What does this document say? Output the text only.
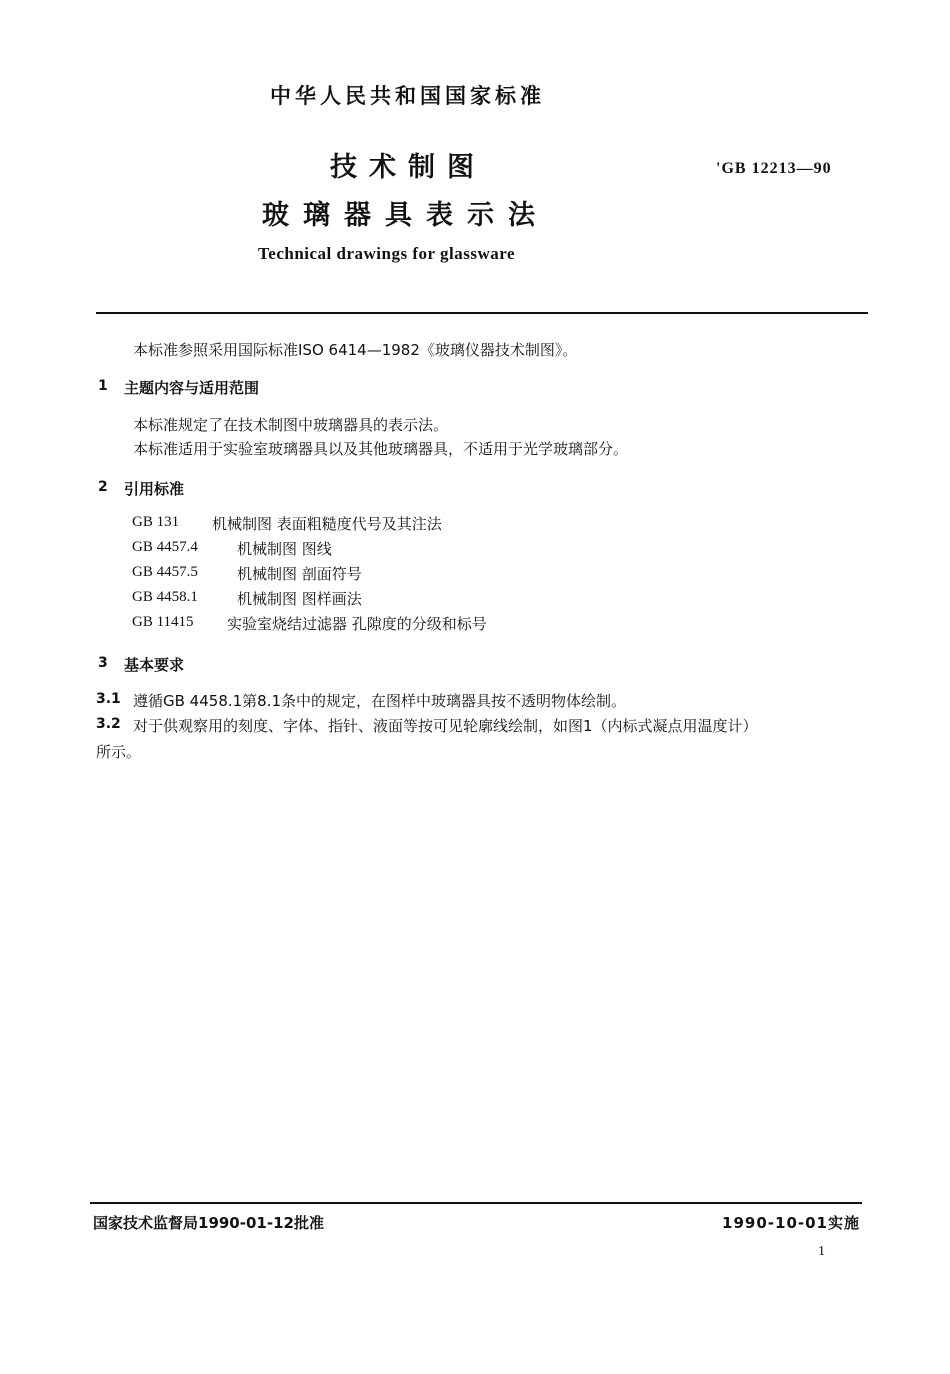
中华人民共和国国家标准
技术制图
玻璃器具表示法
'GB 12213—90
Technical drawings for glassware
本标准参照采用国际标准ISO 6414—1982《玻璃仪器技术制图》。
1 主题内容与适用范围
本标准规定了在技术制图中玻璃器具的表示法。
本标准适用于实验室玻璃器具以及其他玻璃器具，不适用于光学玻璃部分。
2 引用标准
GB 131 机械制图 表面粗糙度代号及其注法
GB 4457.4	机械制图 图线
GB 4457.5	机械制图 剖面符号
GB 4458.1	机械制图 图样画法
GB 11415 实验室烧结过滤器 孔隙度的分级和标号
3 基本要求
3.1 遵循GB 4458.1第8.1条中的规定，在图样中玻璃器具按不透明物体绘制。
3.2 对于供观察用的刻度、字体、指针、液面等按可见轮廓线绘制，如图1（内标式凝点用温度计）
所示。
国家技术监督局1990-01-12批准	1990-10-01实施
1
